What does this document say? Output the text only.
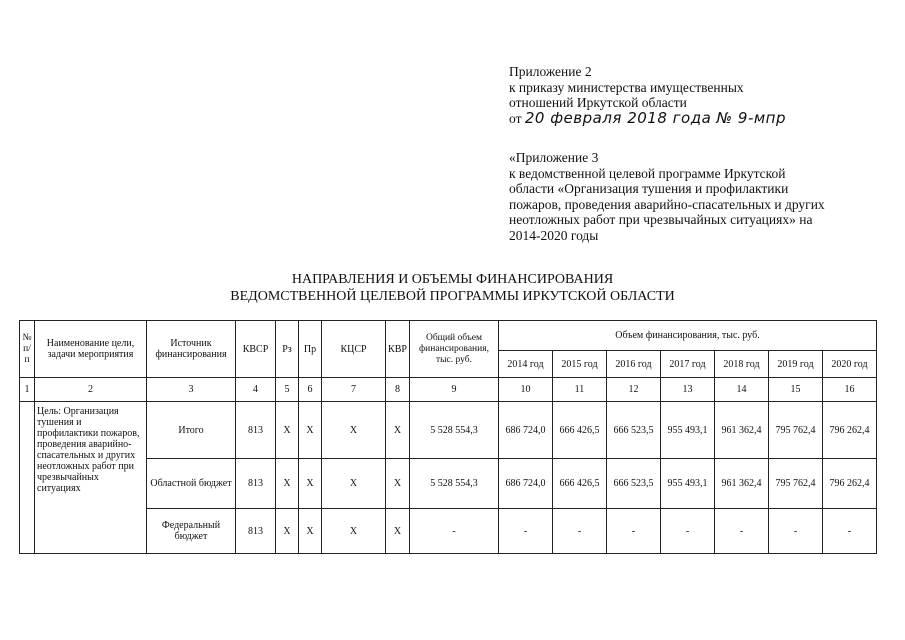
Приложение 2
к приказу министерства имущественных
отношений Иркутской области
от 20 февраля 2018 года № 9-мпр
«Приложение 3
к ведомственной целевой программе Иркутской
области «Организация тушения и профилактики
пожаров, проведения аварийно-спасательных и других
неотложных работ при чрезвычайных ситуациях» на
2014-2020 годы
НАПРАВЛЕНИЯ И ОБЪЕМЫ ФИНАНСИРОВАНИЯ
ВЕДОМСТВЕННОЙ ЦЕЛЕВОЙ ПРОГРАММЫ ИРКУТСКОЙ ОБЛАСТИ
№ п/п	Наименование цели, задачи мероприятия	Источник финансирования	КВСР	Рз	Пр	КЦСР	КВР	Общий объем финансирования, тыс. руб.	Объем финансирования, тыс. руб.						
									2014 год	2015 год	2016 год	2017 год	2018 год	2019 год	2020 год
1	2	3	4	5	6	7	8	9	10	11	12	13	14	15	16
	Цель: Организация тушения и профилактики пожаров, проведения аварийно-спасательных и других неотложных работ при чрезвычайных ситуациях	Итого	813	X	X	X	X	5 528 554,3	686 724,0	666 426,5	666 523,5	955 493,1	961 362,4	795 762,4	796 262,4
		Областной бюджет	813	X	X	X	X	5 528 554,3	686 724,0	666 426,5	666 523,5	955 493,1	961 362,4	795 762,4	796 262,4
		Федеральный бюджет	813	X	X	X	X	-	-	-	-	-	-	-	-
